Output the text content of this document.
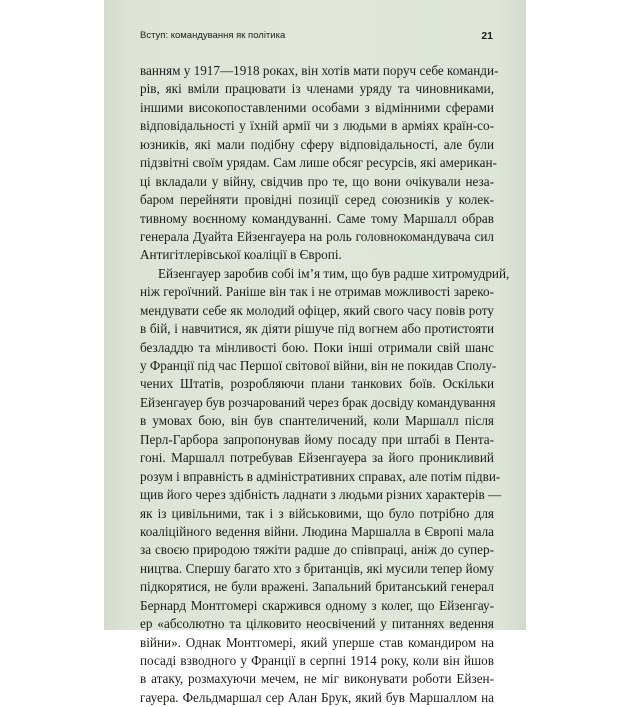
Вступ: командування як політика	21
ванням у 1917—1918 роках, він хотів мати поруч себе команди-
рів, які вміли працювати із членами уряду та чиновниками,
іншими високопоставленими особами з відмінними сферами
відповідальності у їхній армії чи з людьми в арміях країн-со-
юзників, які мали подібну сферу відповідальності, але були
підзвітні своїм урядам. Сам лише обсяг ресурсів, які американ-
ці вкладали у війну, свідчив про те, що вони очікували неза-
баром перейняти провідні позиції серед союзників у колек-
тивному воєнному командуванні. Саме тому Маршалл обрав
генерала Дуайта Ейзенгауера на роль головнокомандувача сил
Антигітлерівської коаліції в Європі.
Ейзенгауер заробив собі ім’я тим, що був радше хитромудрий,
ніж героїчний. Раніше він так і не отримав можливості зареко-
мендувати себе як молодий офіцер, який свого часу повів роту
в бій, і навчитися, як діяти рішуче під вогнем або протистояти
безладдю та мінливості бою. Поки інші отримали свій шанс
у Франції під час Першої світової війни, він не покидав Сполу-
чених Штатів, розробляючи плани танкових боїв. Оскільки
Ейзенгауер був розчарований через брак досвіду командування
в умовах бою, він був спантеличений, коли Маршалл після
Перл-Гарбора запропонував йому посаду при штабі в Пента-
гоні. Маршалл потребував Ейзенгауера за його проникливий
розум і вправність в адміністративних справах, але потім підви-
щив його через здібність ладнати з людьми різних характерів —
як із цивільними, так і з військовими, що було потрібно для
коаліційного ведення війни. Людина Маршалла в Європі мала
за своєю природою тяжіти радше до співпраці, аніж до супер-
ництва. Спершу багато хто з британців, які мусили тепер йому
підкорятися, не були вражені. Запальний британський генерал
Бернард Монтгомері скаржився одному з колег, що Ейзенгау-
ер «абсолютно та цілковито неосвічений у питаннях ведення
війни». Однак Монтгомері, який уперше став командиром на
посаді взводного у Франції в серпні 1914 року, коли він йшов
в атаку, розмахуючи мечем, не міг виконувати роботи Ейзен-
гауера. Фельдмаршал сер Алан Брук, який був Маршаллом на
